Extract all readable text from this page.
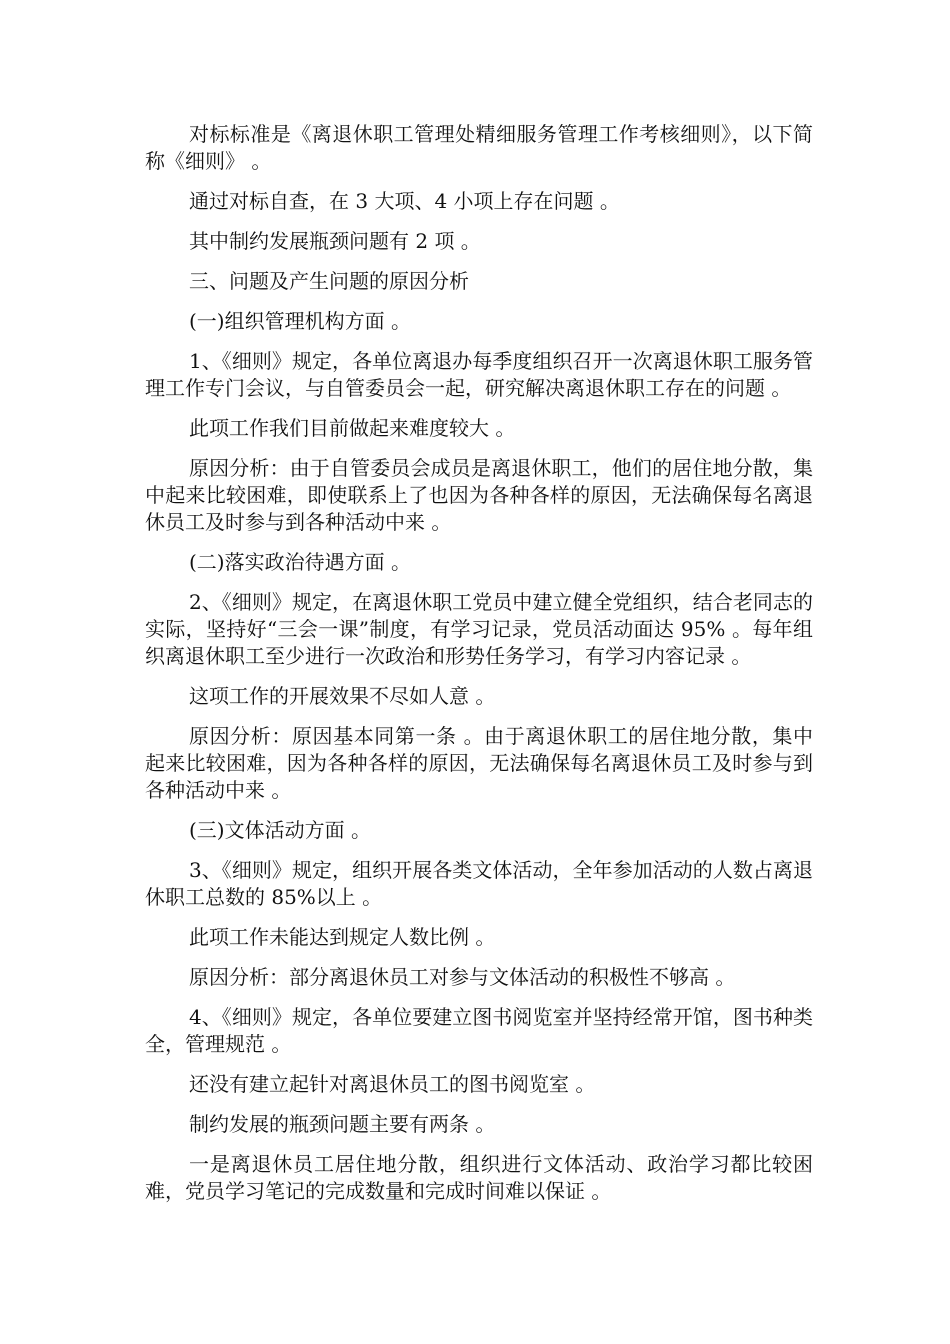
对标标准是《离退休职工管理处精细服务管理工作考核细则》，以下简称《细则》 。

通过对标自查，在 3 大项、4 小项上存在问题 。

其中制约发展瓶颈问题有 2 项 。

三、问题及产生问题的原因分析

(一)组织管理机构方面 。

1、《细则》规定，各单位离退办每季度组织召开一次离退休职工服务管理工作专门会议，与自管委员会一起，研究解决离退休职工存在的问题 。

此项工作我们目前做起来难度较大 。

原因分析：由于自管委员会成员是离退休职工，他们的居住地分散，集中起来比较困难，即使联系上了也因为各种各样的原因，无法确保每名离退休员工及时参与到各种活动中来 。

(二)落实政治待遇方面 。

2、《细则》规定，在离退休职工党员中建立健全党组织，结合老同志的实际，坚持好“三会一课”制度，有学习记录，党员活动面达 95% 。每年组织离退休职工至少进行一次政治和形势任务学习，有学习内容记录 。

这项工作的开展效果不尽如人意 。

原因分析：原因基本同第一条 。由于离退休职工的居住地分散，集中起来比较困难，因为各种各样的原因，无法确保每名离退休员工及时参与到各种活动中来 。

(三)文体活动方面 。

3、《细则》规定，组织开展各类文体活动，全年参加活动的人数占离退休职工总数的 85%以上 。

此项工作未能达到规定人数比例 。

原因分析：部分离退休员工对参与文体活动的积极性不够高 。

4、《细则》规定，各单位要建立图书阅览室并坚持经常开馆，图书种类全，管理规范 。

还没有建立起针对离退休员工的图书阅览室 。

制约发展的瓶颈问题主要有两条 。

一是离退休员工居住地分散，组织进行文体活动、政治学习都比较困难，党员学习笔记的完成数量和完成时间难以保证 。
